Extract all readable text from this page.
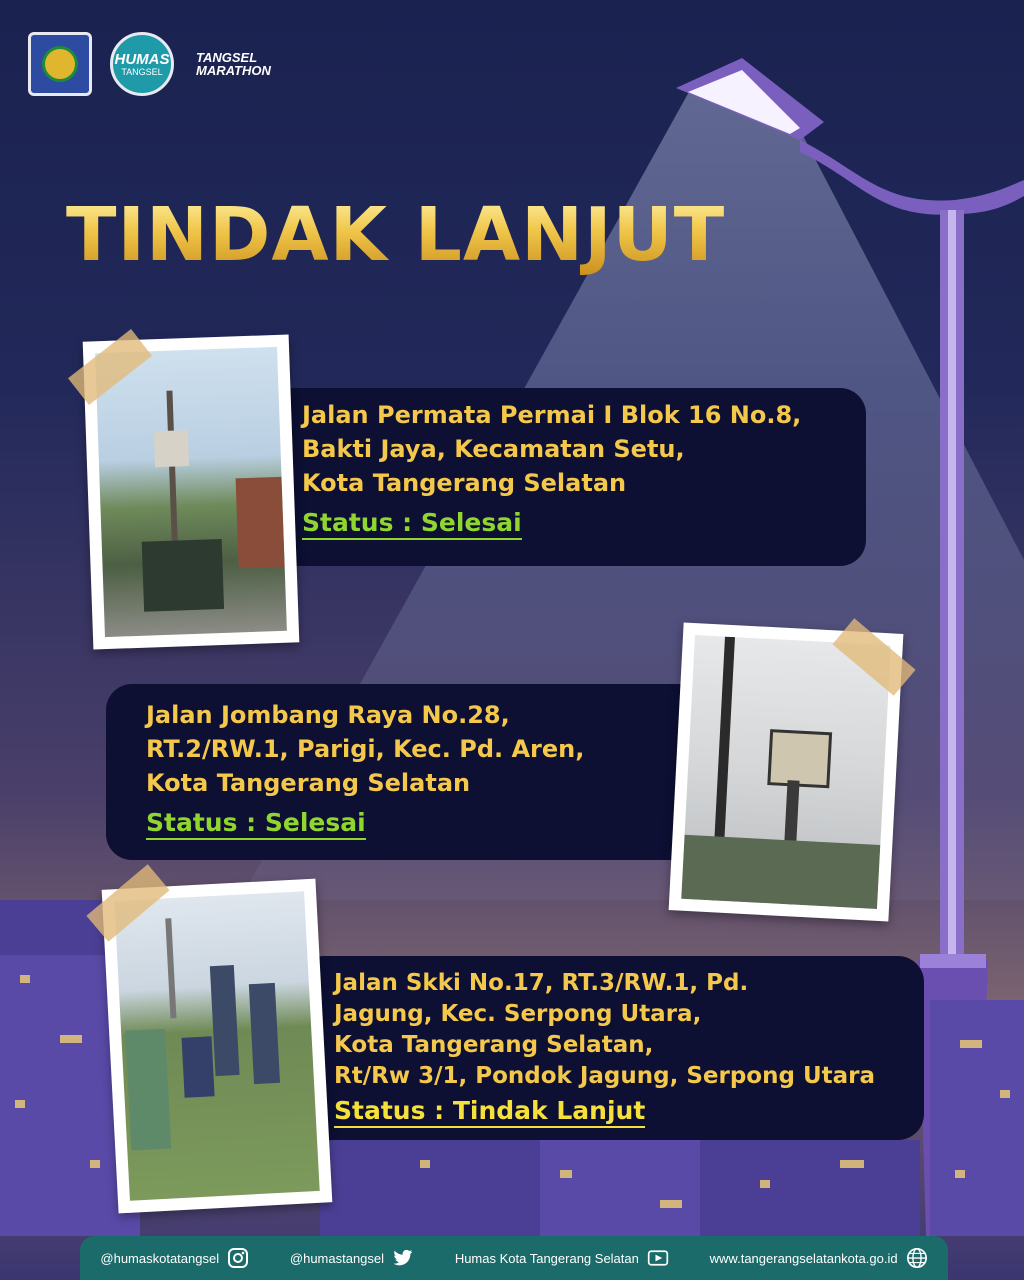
HUMAS
TANGSEL
TANGSEL
MARATHON
TINDAK LANJUT
Jalan Permata Permai I Blok 16 No.8,
Bakti Jaya, Kecamatan Setu,
Kota Tangerang Selatan
Status : Selesai
Jalan Jombang Raya No.28,
RT.2/RW.1, Parigi, Kec. Pd. Aren,
Kota Tangerang Selatan
Status : Selesai
Jalan Skki No.17, RT.3/RW.1, Pd.
Jagung, Kec. Serpong Utara,
Kota Tangerang Selatan,
Rt/Rw 3/1, Pondok Jagung, Serpong Utara
Status : Tindak Lanjut
@humaskotatangsel	@humastangsel	Humas Kota Tangerang Selatan	www.tangerangselatankota.go.id
